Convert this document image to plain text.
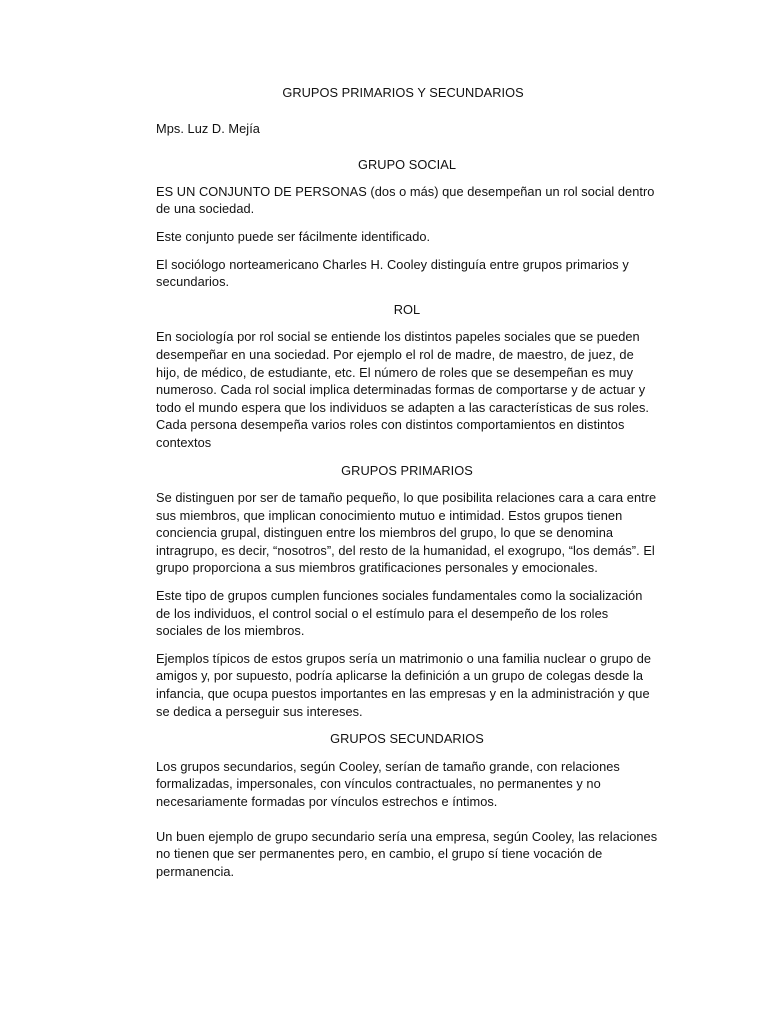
GRUPOS PRIMARIOS Y SECUNDARIOS

Mps. Luz D. Mejía

GRUPO SOCIAL

ES UN CONJUNTO DE PERSONAS (dos o más) que desempeñan un rol social dentro de una sociedad.

Este conjunto puede ser fácilmente identificado.

El sociólogo norteamericano Charles H. Cooley distinguía entre grupos primarios y secundarios.

ROL

En sociología por rol social se entiende los distintos papeles sociales que se pueden desempeñar en una sociedad. Por ejemplo el rol de madre, de maestro, de juez, de hijo, de médico, de estudiante, etc. El número de roles que se desempeñan es muy numeroso. Cada rol social implica determinadas formas de comportarse y de actuar y todo el mundo espera que los individuos se adapten a las características de sus roles. Cada persona desempeña varios roles con distintos comportamientos en distintos contextos

GRUPOS PRIMARIOS

Se distinguen por ser de tamaño pequeño, lo que posibilita relaciones cara a cara entre sus miembros, que implican conocimiento mutuo e intimidad. Estos grupos tienen conciencia grupal, distinguen entre los miembros del grupo, lo que se denomina intragrupo, es decir, “nosotros”, del resto de la humanidad, el exogrupo, “los demás”. El grupo proporciona a sus miembros gratificaciones personales y emocionales.

Este tipo de grupos cumplen funciones sociales fundamentales como la socialización de los individuos, el control social o el estímulo para el desempeño de los roles sociales de los miembros.

Ejemplos típicos de estos grupos sería un matrimonio o una familia nuclear o grupo de amigos y, por supuesto, podría aplicarse la definición a un grupo de colegas desde la infancia, que ocupa puestos importantes en las empresas y en la administración y que se dedica a perseguir sus intereses.

GRUPOS SECUNDARIOS

Los grupos secundarios, según Cooley, serían de tamaño grande, con relaciones formalizadas, impersonales, con vínculos contractuales, no permanentes y no necesariamente formadas por vínculos estrechos e íntimos.

Un buen ejemplo de grupo secundario sería una empresa, según Cooley, las relaciones no tienen que ser permanentes pero, en cambio, el grupo sí tiene vocación de permanencia.
